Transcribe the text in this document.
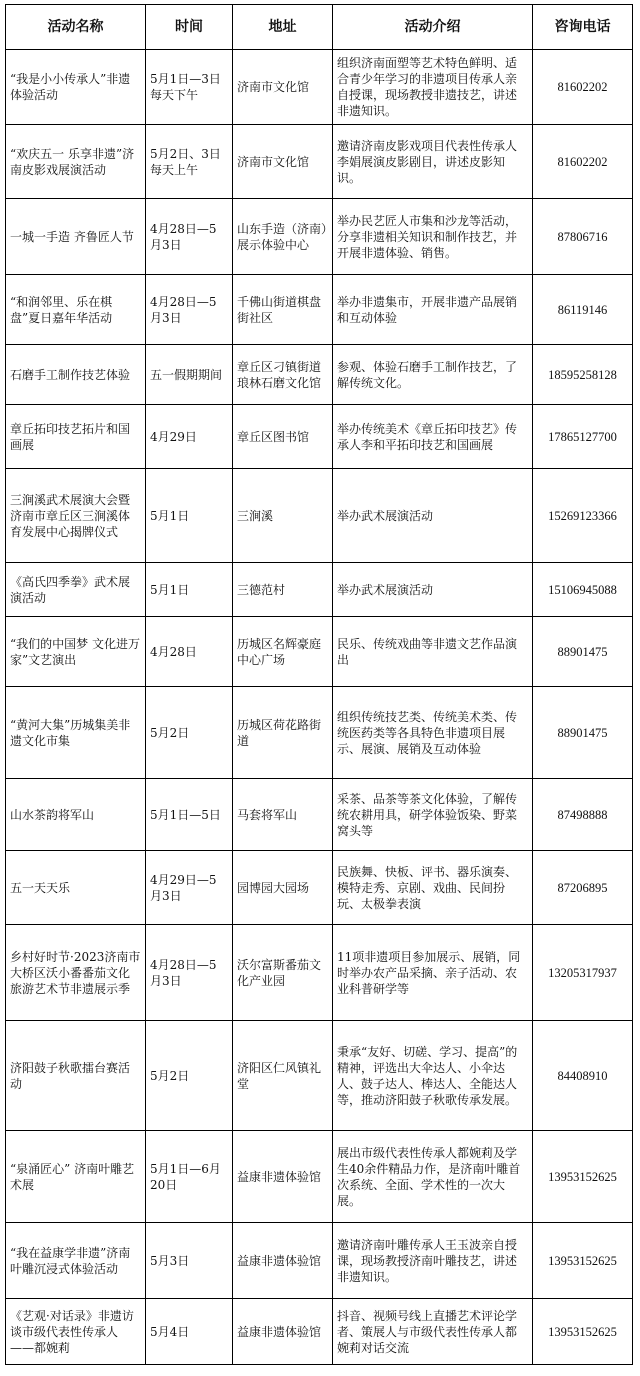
活动名称	时间	地址	活动介绍	咨询电话
“我是小小传承人”非遗体验活动	5月1日—3日每天下午	济南市文化馆	组织济南面塑等艺术特色鲜明、适合青少年学习的非遗项目传承人亲自授课，现场教授非遗技艺，讲述非遗知识。	81602202
“欢庆五一 乐享非遗”济南皮影戏展演活动	5月2日、3日每天上午	济南市文化馆	邀请济南皮影戏项目代表性传承人李娟展演皮影剧目，讲述皮影知识。	81602202
一城一手造 齐鲁匠人节	4月28日—5月3日	山东手造（济南）展示体验中心	举办民艺匠人市集和沙龙等活动，分享非遗相关知识和制作技艺，并开展非遗体验、销售。	87806716
“和润邻里、乐在棋盘”夏日嘉年华活动	4月28日—5月3日	千佛山街道棋盘街社区	举办非遗集市，开展非遗产品展销和互动体验	86119146
石磨手工制作技艺体验	五一假期期间	章丘区刁镇街道琅林石磨文化馆	参观、体验石磨手工制作技艺，了解传统文化。	18595258128
章丘拓印技艺拓片和国画展	4月29日	章丘区图书馆	举办传统美术《章丘拓印技艺》传承人李和平拓印技艺和国画展	17865127700
三涧溪武术展演大会暨济南市章丘区三涧溪体育发展中心揭牌仪式	5月1日	三涧溪	举办武术展演活动	15269123366
《高氏四季拳》武术展演活动	5月1日	三德范村	举办武术展演活动	15106945088
“我们的中国梦 文化进万家”文艺演出	4月28日	历城区名辉豪庭中心广场	民乐、传统戏曲等非遗文艺作品演出	88901475
“黄河大集”历城集美非遗文化市集	5月2日	历城区荷花路街道	组织传统技艺类、传统美术类、传统医药类等各具特色非遗项目展示、展演、展销及互动体验	88901475
山水茶韵将军山	5月1日—5日	马套将军山	采茶、品茶等茶文化体验，了解传统农耕用具，研学体验饭染、野菜窝头等	87498888
五一天天乐	4月29日—5月3日	园博园大园场	民族舞、快板、评书、器乐演奏、模特走秀、京剧、戏曲、民间扮玩、太极拳表演	87206895
乡村好时节·2023济南市大桥区沃小番番茄文化旅游艺术节非遗展示季	4月28日—5月3日	沃尔富斯番茄文化产业园	11项非遗项目参加展示、展销，同时举办农产品采摘、亲子活动、农业科普研学等	13205317937
济阳鼓子秋歌擂台赛活动	5月2日	济阳区仁风镇礼堂	秉承“友好、切磋、学习、提高”的精神，评选出大伞达人、小伞达人、鼓子达人、棒达人、全能达人等，推动济阳鼓子秋歌传承发展。	84408910
“泉涌匠心” 济南叶雕艺术展	5月1日—6月20日	益康非遗体验馆	展出市级代表性传承人都婉莉及学生40余件精品力作，是济南叶雕首次系统、全面、学术性的一次大展。	13953152625
“我在益康学非遗”济南叶雕沉浸式体验活动	5月3日	益康非遗体验馆	邀请济南叶雕传承人王玉波亲自授课，现场教授济南叶雕技艺，讲述非遗知识。	13953152625
《艺观·对话录》非遗访谈市级代表性传承人——都婉莉	5月4日	益康非遗体验馆	抖音、视频号线上直播艺术评论学者、策展人与市级代表性传承人都婉莉对话交流	13953152625
